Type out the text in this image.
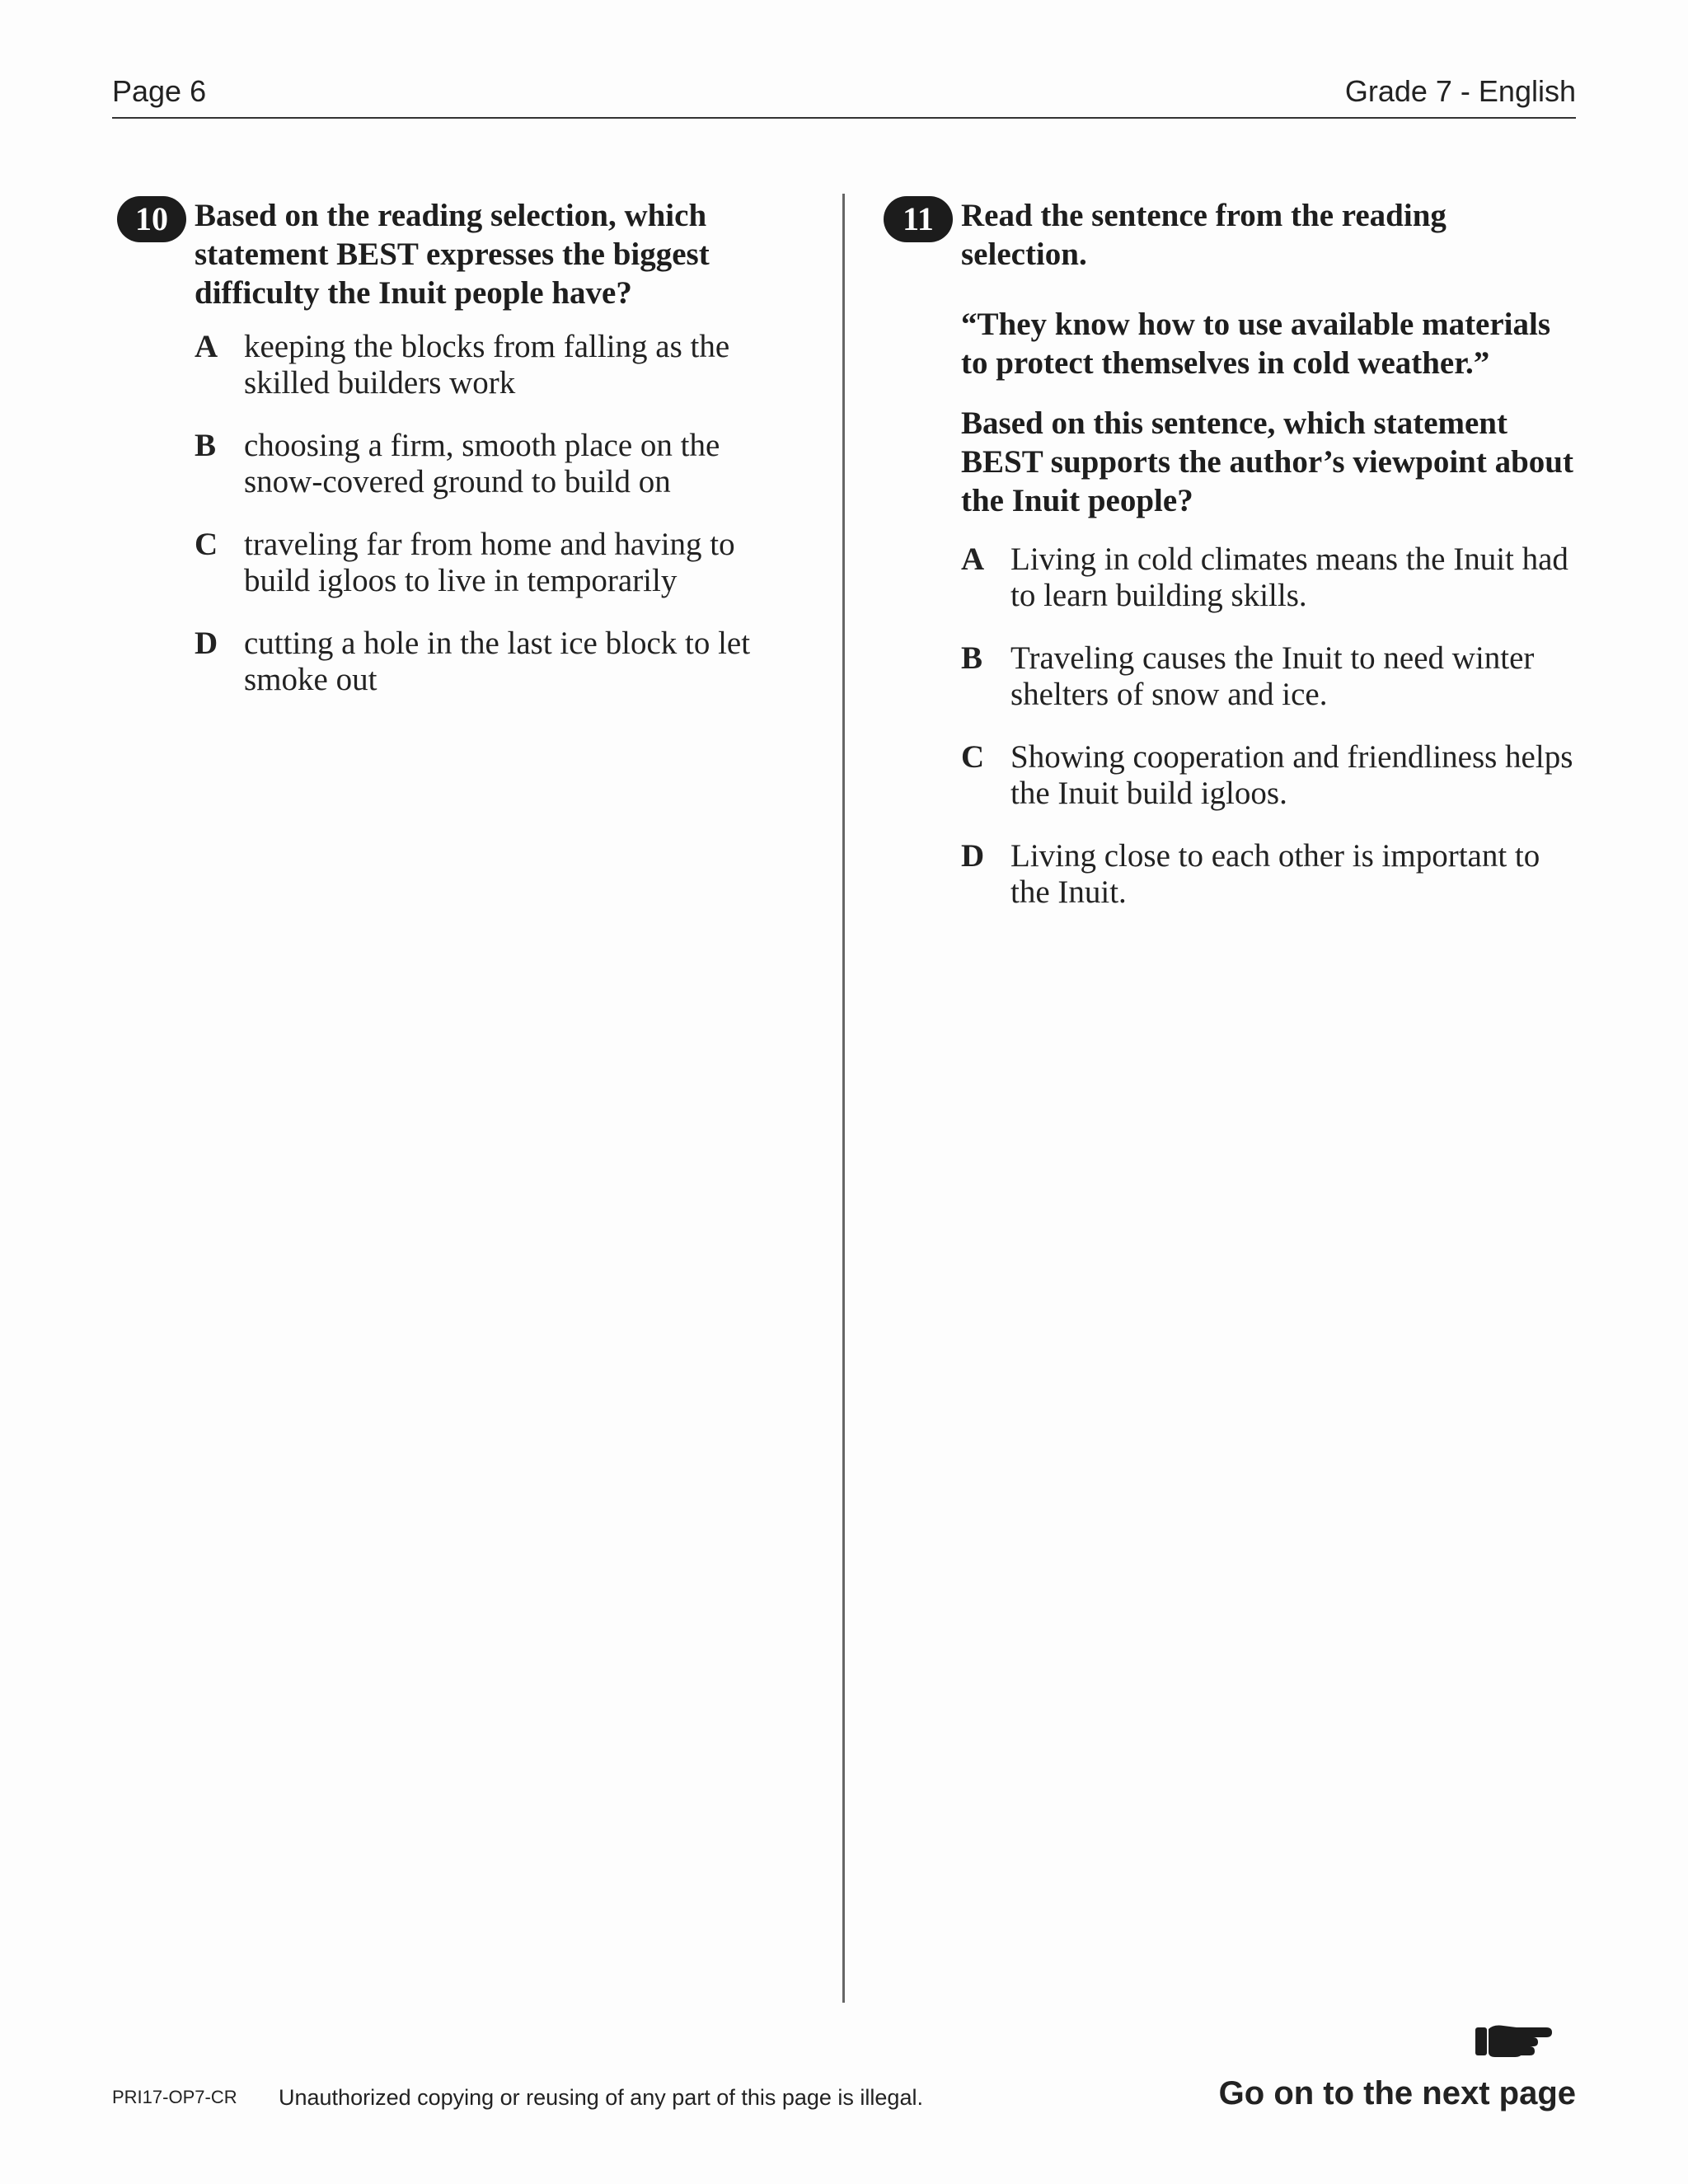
Page 6	Grade 7 - English
10 Based on the reading selection, which statement BEST expresses the biggest difficulty the Inuit people have?

A keeping the blocks from falling as the skilled builders work
B choosing a firm, smooth place on the snow-covered ground to build on
C traveling far from home and having to build igloos to live in temporarily
D cutting a hole in the last ice block to let smoke out
11 Read the sentence from the reading selection.

“They know how to use available materials to protect themselves in cold weather.”

Based on this sentence, which statement BEST supports the author’s viewpoint about the Inuit people?

A Living in cold climates means the Inuit had to learn building skills.
B Traveling causes the Inuit to need winter shelters of snow and ice.
C Showing cooperation and friendliness helps the Inuit build igloos.
D Living close to each other is important to the Inuit.
PRI17-OP7-CR Unauthorized copying or reusing of any part of this page is illegal.	Go on to the next page
